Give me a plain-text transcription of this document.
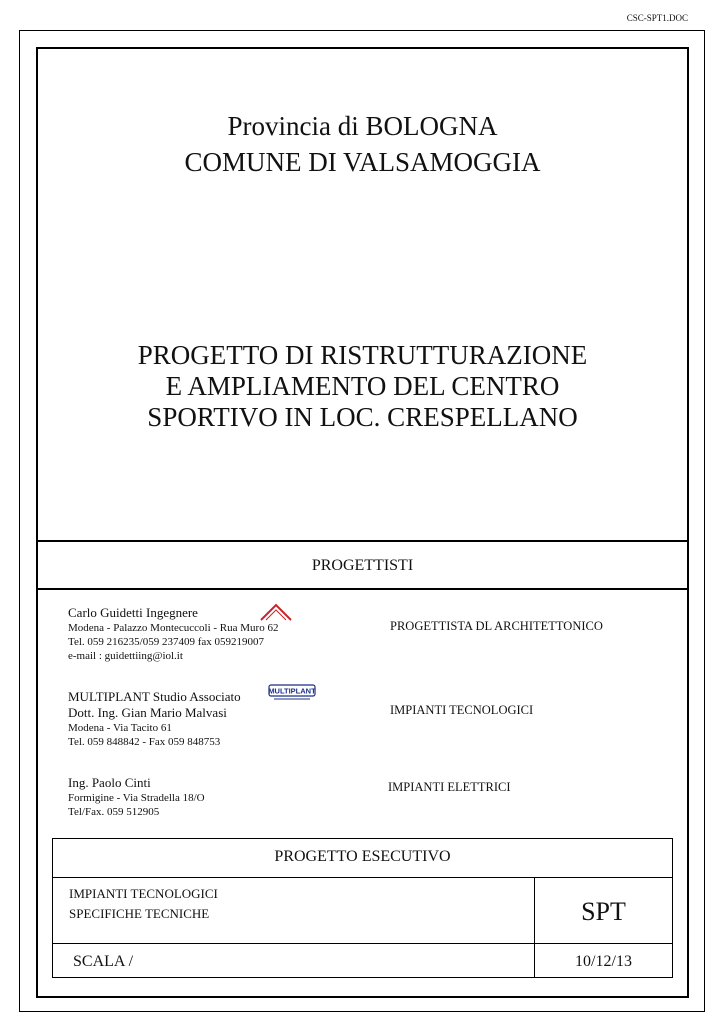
CSC-SPT1.DOC
Provincia di BOLOGNA
COMUNE DI VALSAMOGGIA
PROGETTO DI RISTRUTTURAZIONE
E AMPLIAMENTO DEL CENTRO
SPORTIVO IN LOC. CRESPELLANO
PROGETTISTI
Carlo Guidetti Ingegnere
Modena - Palazzo Montecuccoli - Rua Muro 62
Tel. 059 216235/059 237409 fax 059219007
e-mail : guidettiing@iol.it
PROGETTISTA DL ARCHITETTONICO
MULTIPLANT Studio Associato
Dott. Ing. Gian Mario Malvasi
Modena - Via Tacito 61
Tel. 059 848842 - Fax 059 848753
MULTIPLANT
IMPIANTI TECNOLOGICI
Ing. Paolo Cinti
Formigine - Via Stradella 18/O
Tel/Fax. 059 512905
IMPIANTI ELETTRICI
PROGETTO ESECUTIVO
IMPIANTI TECNOLOGICI
SPECIFICHE TECNICHE	SPT
SCALA /	10/12/13
